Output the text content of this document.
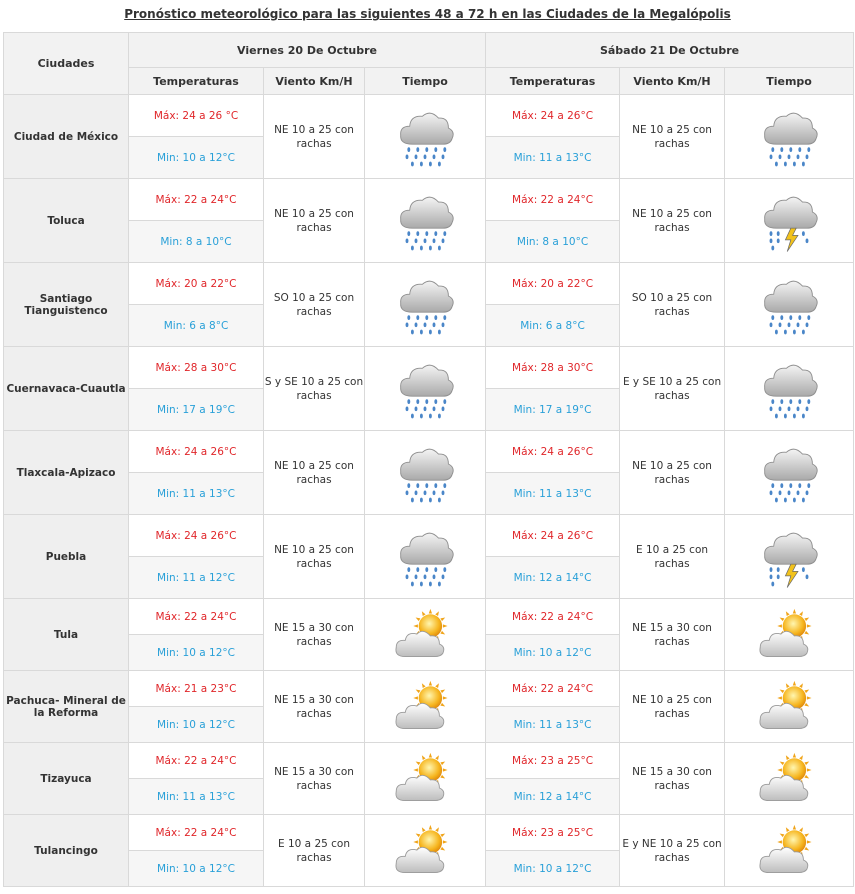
Pronóstico meteorológico para las siguientes 48 a 72 h en las Ciudades de la Megalópolis
Ciudades	Viernes 20 De Octubre			Sábado 21 De Octubre		
	Temperaturas	Viento Km/H	Tiempo	Temperaturas	Viento Km/H	Tiempo
Ciudad de México	Máx: 24 a 26 °C	NE 10 a 25 con rachas		Máx: 24 a 26°C	NE 10 a 25 con rachas	

	Min: 10 a 12°C			Min: 11 a 13°C		
Toluca	Máx: 22 a 24°C	NE 10 a 25 con rachas		Máx: 22 a 24°C	NE 10 a 25 con rachas	

	Min: 8 a 10°C			Min: 8 a 10°C		
Santiago Tianguistenco	Máx: 20 a 22°C	SO 10 a 25 con rachas		Máx: 20 a 22°C	SO 10 a 25 con rachas	

	Min: 6 a 8°C			Min: 6 a 8°C		
Cuernavaca-Cuautla	Máx: 28 a 30°C	S y SE 10 a 25 con rachas		Máx: 28 a 30°C	E y SE 10 a 25 con rachas	

	Min: 17 a 19°C			Min: 17 a 19°C		
Tlaxcala-Apizaco	Máx: 24 a 26°C	NE 10 a 25 con rachas		Máx: 24 a 26°C	NE 10 a 25 con rachas	

	Min: 11 a 13°C			Min: 11 a 13°C		
Puebla	Máx: 24 a 26°C	NE 10 a 25 con rachas		Máx: 24 a 26°C	E 10 a 25 con rachas	

	Min: 11 a 12°C			Min: 12 a 14°C		
Tula	Máx: 22 a 24°C	NE 15 a 30 con rachas		Máx: 22 a 24°C	NE 15 a 30 con rachas	

	Min: 10 a 12°C			Min: 10 a 12°C		
Pachuca- Mineral de la Reforma	Máx: 21 a 23°C	NE 15 a 30 con rachas		Máx: 22 a 24°C	NE 10 a 25 con rachas	

	Min: 10 a 12°C			Min: 11 a 13°C		
Tizayuca	Máx: 22 a 24°C	NE 15 a 30 con rachas		Máx: 23 a 25°C	NE 15 a 30 con rachas	

	Min: 11 a 13°C			Min: 12 a 14°C		
Tulancingo	Máx: 22 a 24°C	E 10 a 25 con rachas		Máx: 23 a 25°C	E y NE 10 a 25 con rachas	

	Min: 10 a 12°C			Min: 10 a 12°C		
